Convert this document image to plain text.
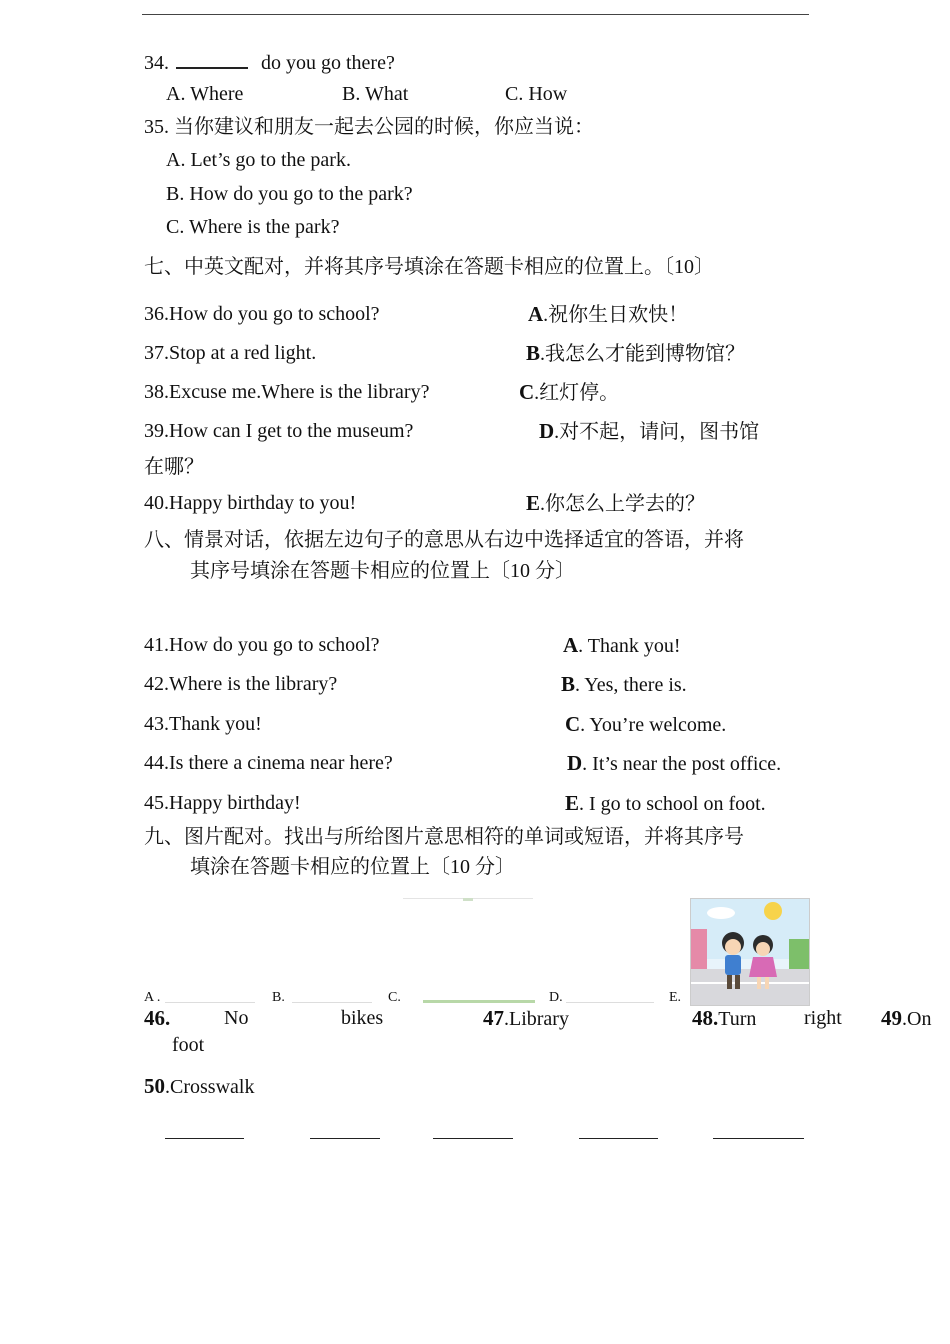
34.	do you go there?
A. Where	B. What	C. How
35. 当你建议和朋友一起去公园的时候，你应当说：
A. Let’s go to the park.
B. How do you go to the park?
C. Where is the park?
七、中英文配对，并将其序号填涂在答题卡相应的位置上。〔10〕
36.How do you go to school?	A.祝你生日欢快！
37.Stop at a red light.	B.我怎么才能到博物馆？
38.Excuse me.Where is the library?	C.红灯停。
39.How can I get to the museum?	D.对不起，请问，图书馆
在哪？
40.Happy birthday to you!	E.你怎么上学去的？
八、情景对话，依据左边句子的意思从右边中选择适宜的答语，并将
其序号填涂在答题卡相应的位置上〔10 分〕
41.How do you go to school?	A. Thank you!
42.Where is the library?	B. Yes, there is.
43.Thank you!	C. You’re welcome.
44.Is there a cinema near here?	D. It’s near the post office.
45.Happy birthday!	E. I go to school on foot.
九、图片配对。找出与所给图片意思相符的单词或短语，并将其序号
填涂在答题卡相应的位置上〔10 分〕
A .	B.	C.	D.	E.
46.	No	bikes	47.Library	48.Turn right 49.On
foot
50.Crosswalk
